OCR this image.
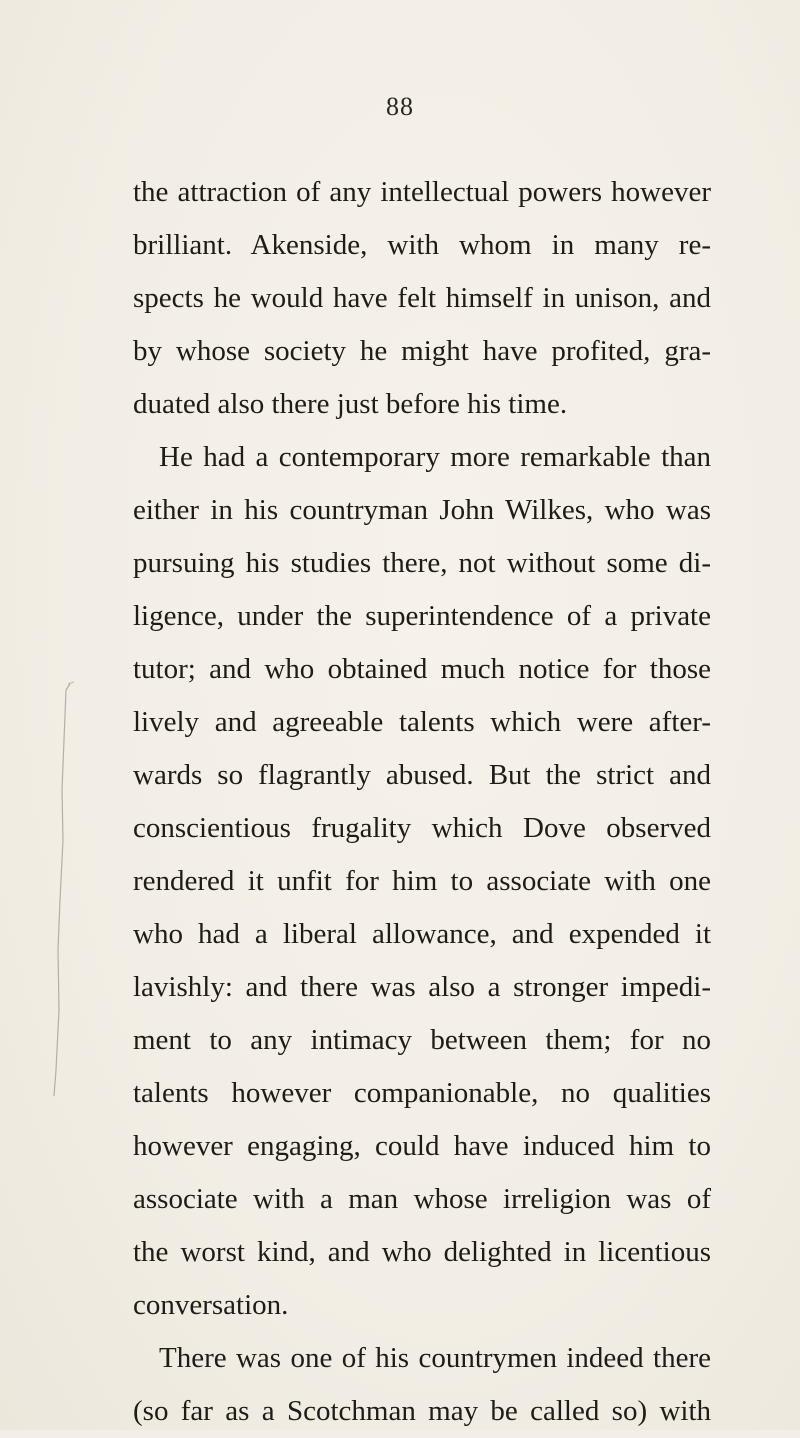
88
the attraction of any intellectual powers however
brilliant. Akenside, with whom in many re-
spects he would have felt himself in unison, and
by whose society he might have profited, gra-
duated also there just before his time.
He had a contemporary more remarkable than
either in his countryman John Wilkes, who was
pursuing his studies there, not without some di-
ligence, under the superintendence of a private
tutor; and who obtained much notice for those
lively and agreeable talents which were after-
wards so flagrantly abused. But the strict and
conscientious frugality which Dove observed
rendered it unfit for him to associate with one
who had a liberal allowance, and expended it
lavishly: and there was also a stronger impedi-
ment to any intimacy between them; for no
talents however companionable, no qualities
however engaging, could have induced him to
associate with a man whose irreligion was of
the worst kind, and who delighted in licentious
conversation.
There was one of his countrymen indeed there
(so far as a Scotchman may be called so) with
